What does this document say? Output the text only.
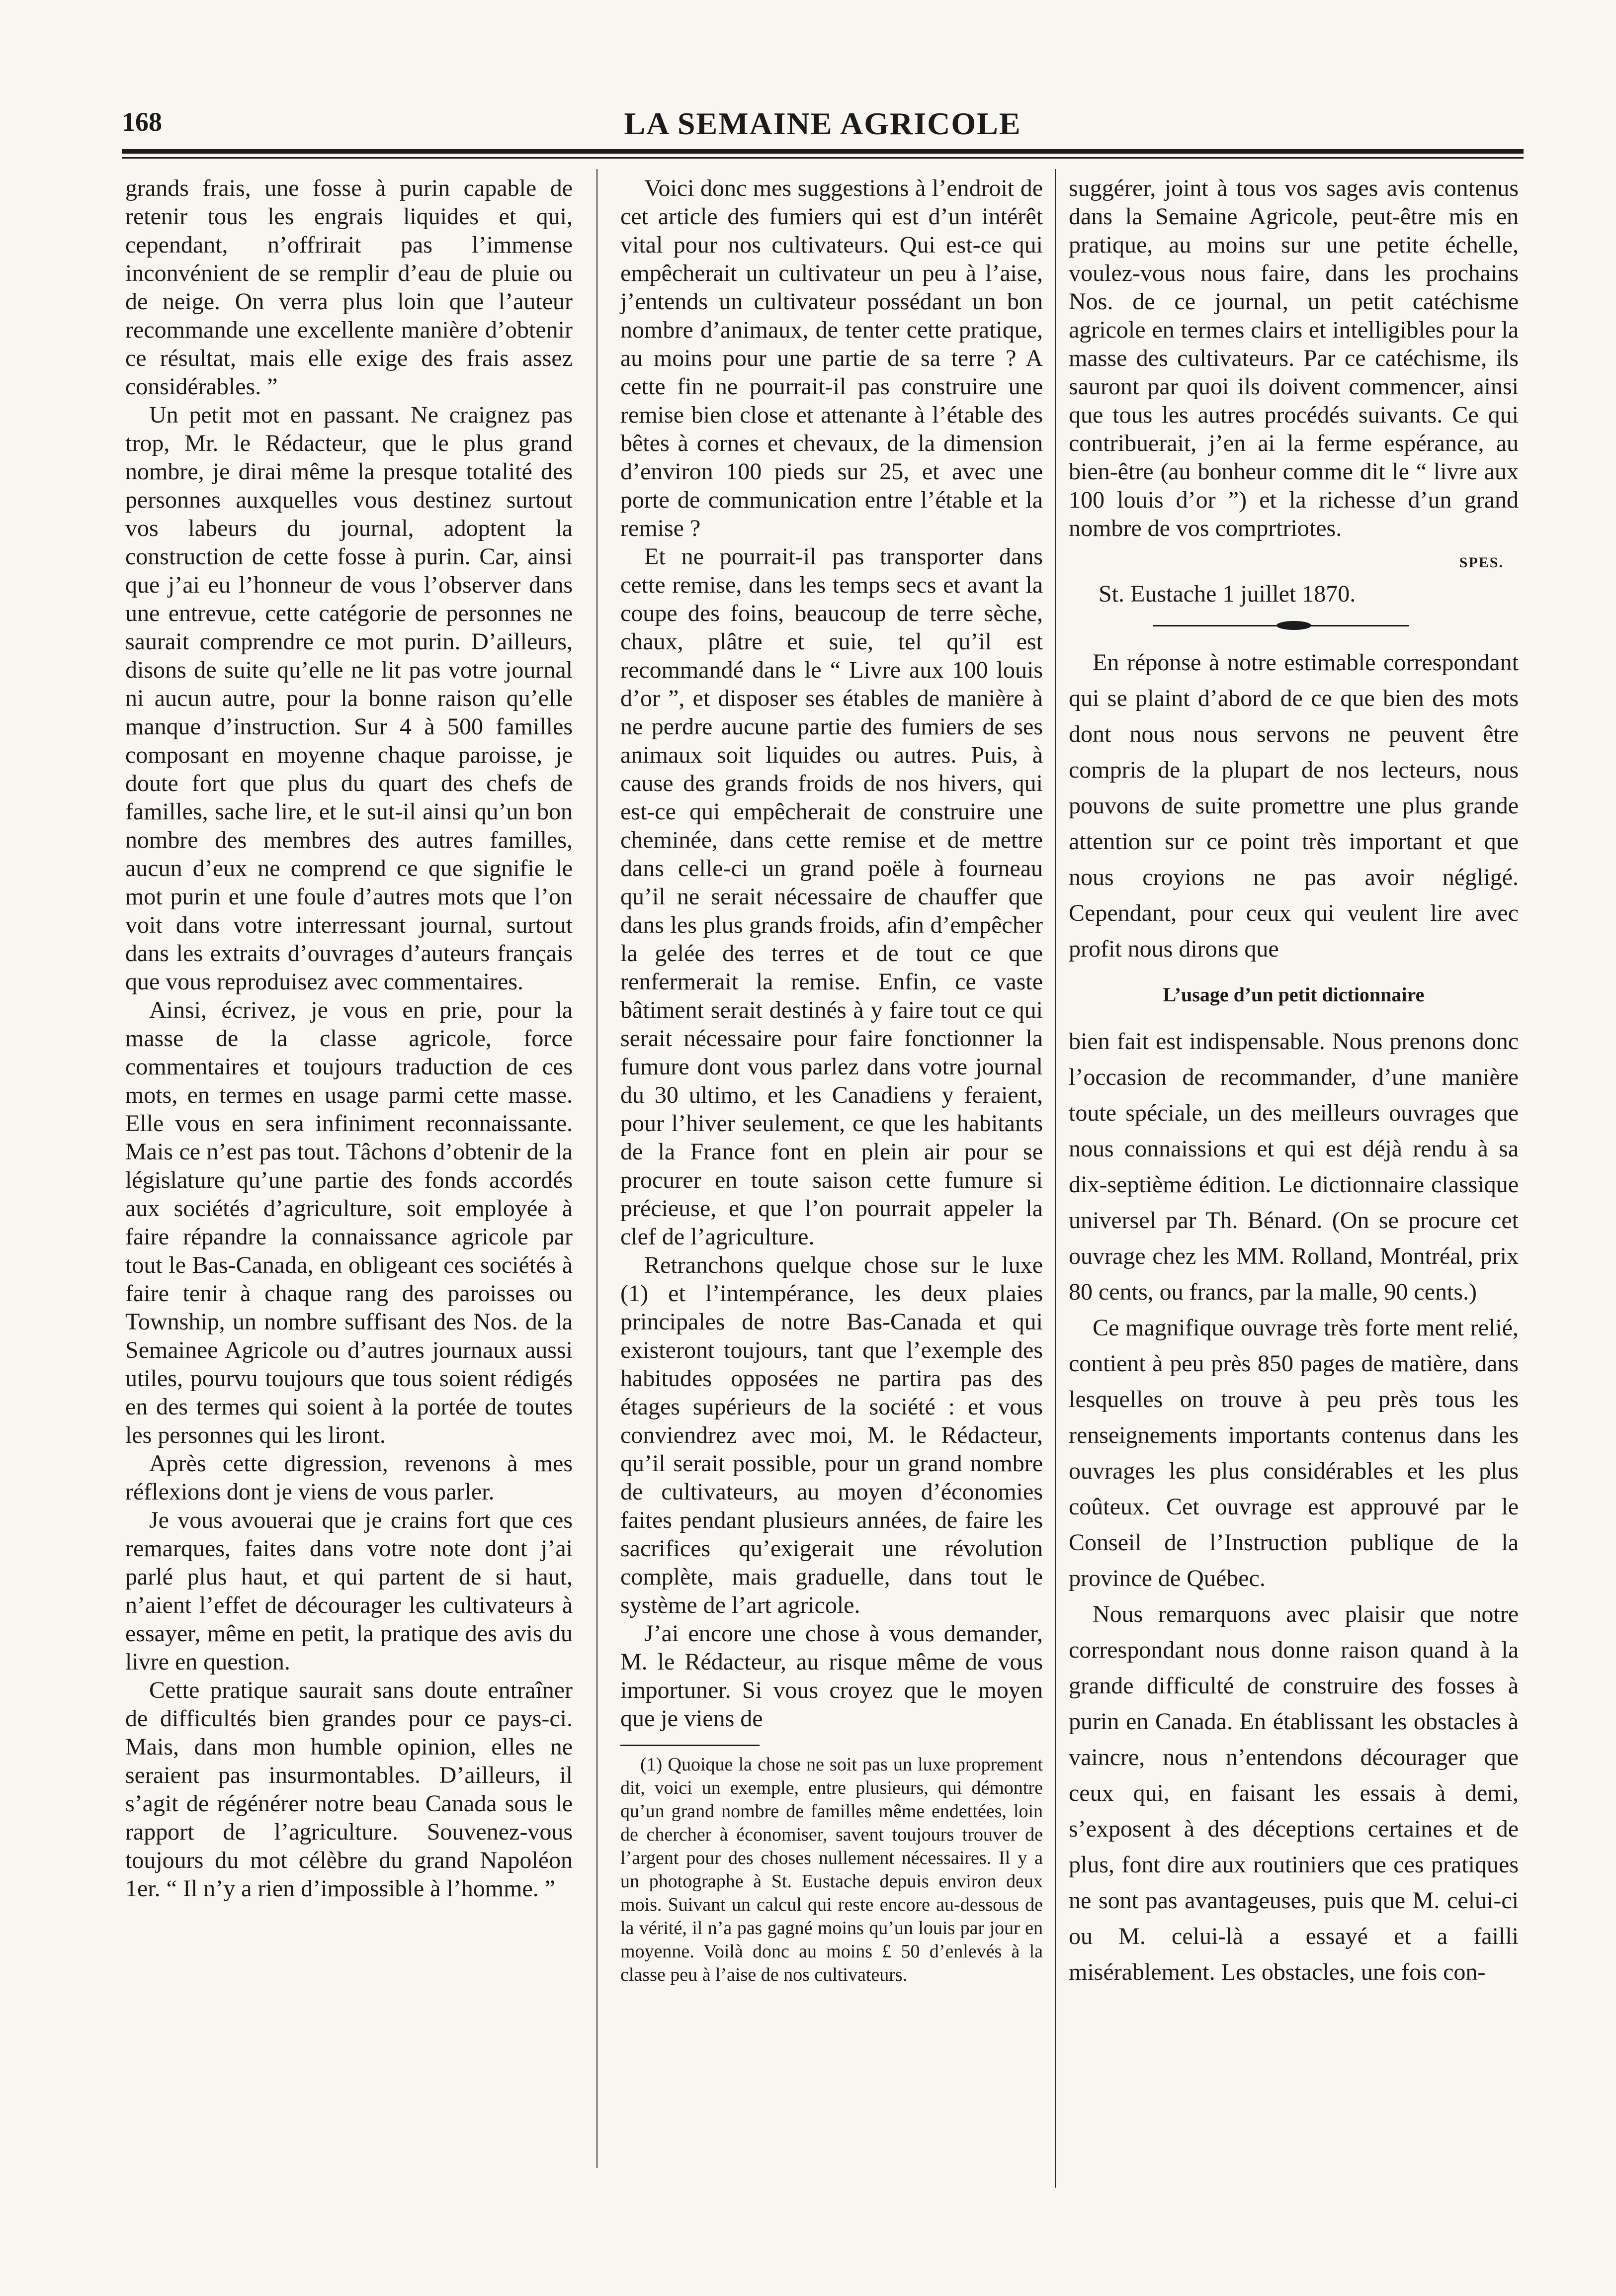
168	LA SEMAINE AGRICOLE

grands frais, une fosse à purin capable de retenir tous les engrais liquides et qui, cependant, n’offrirait pas l’immense inconvénient de se remplir d’eau de pluie ou de neige. On verra plus loin que l’auteur recommande une excellente manière d’obtenir ce résultat, mais elle exige des frais assez considérables. ”

Un petit mot en passant. Ne craignez pas trop, Mr. le Rédacteur, que le plus grand nombre, je dirai même la presque totalité des personnes auxquelles vous destinez surtout vos labeurs du journal, adoptent la construction de cette fosse à purin. Car, ainsi que j’ai eu l’honneur de vous l’observer dans une entrevue, cette catégorie de personnes ne saurait comprendre ce mot purin. D’ailleurs, disons de suite qu’elle ne lit pas votre journal ni aucun autre, pour la bonne raison qu’elle manque d’instruction. Sur 4 à 500 familles composant en moyenne chaque paroisse, je doute fort que plus du quart des chefs de familles, sache lire, et le sut-il ainsi qu’un bon nombre des membres des autres familles, aucun d’eux ne comprend ce que signifie le mot purin et une foule d’autres mots que l’on voit dans votre interressant journal, surtout dans les extraits d’ouvrages d’auteurs français que vous reproduisez avec commentaires.

Ainsi, écrivez, je vous en prie, pour la masse de la classe agricole, force commentaires et toujours traduction de ces mots, en termes en usage parmi cette masse. Elle vous en sera infiniment reconnaissante. Mais ce n’est pas tout. Tâchons d’obtenir de la législature qu’une partie des fonds accordés aux sociétés d’agriculture, soit employée à faire répandre la connaissance agricole par tout le Bas-Canada, en obligeant ces sociétés à faire tenir à chaque rang des paroisses ou Township, un nombre suffisant des Nos. de la Semainee Agricole ou d’autres journaux aussi utiles, pourvu toujours que tous soient rédigés en des termes qui soient à la portée de toutes les personnes qui les liront.

Après cette digression, revenons à mes réflexions dont je viens de vous parler.

Je vous avouerai que je crains fort que ces remarques, faites dans votre note dont j’ai parlé plus haut, et qui partent de si haut, n’aient l’effet de décourager les cultivateurs à essayer, même en petit, la pratique des avis du livre en question.

Cette pratique saurait sans doute entraîner de difficultés bien grandes pour ce pays-ci. Mais, dans mon humble opinion, elles ne seraient pas insurmontables. D’ailleurs, il s’agit de régénérer notre beau Canada sous le rapport de l’agriculture. Souvenez-vous toujours du mot célèbre du grand Napoléon 1er. “ Il n’y a rien d’impossible à l’homme. ”

Voici donc mes suggestions à l’endroit de cet article des fumiers qui est d’un intérêt vital pour nos cultivateurs. Qui est-ce qui empêcherait un cultivateur un peu à l’aise, j’entends un cultivateur possédant un bon nombre d’animaux, de tenter cette pratique, au moins pour une partie de sa terre ? A cette fin ne pourrait-il pas construire une remise bien close et attenante à l’étable des bêtes à cornes et chevaux, de la dimension d’environ 100 pieds sur 25, et avec une porte de communication entre l’étable et la remise ?

Et ne pourrait-il pas transporter dans cette remise, dans les temps secs et avant la coupe des foins, beaucoup de terre sèche, chaux, plâtre et suie, tel qu’il est recommandé dans le “ Livre aux 100 louis d’or ”, et disposer ses étables de manière à ne perdre aucune partie des fumiers de ses animaux soit liquides ou autres. Puis, à cause des grands froids de nos hivers, qui est-ce qui empêcherait de construire une cheminée, dans cette remise et de mettre dans celle-ci un grand poële à fourneau qu’il ne serait nécessaire de chauffer que dans les plus grands froids, afin d’empêcher la gelée des terres et de tout ce que renfermerait la remise. Enfin, ce vaste bâtiment serait destinés à y faire tout ce qui serait nécessaire pour faire fonctionner la fumure dont vous parlez dans votre journal du 30 ultimo, et les Canadiens y feraient, pour l’hiver seulement, ce que les habitants de la France font en plein air pour se procurer en toute saison cette fumure si précieuse, et que l’on pourrait appeler la clef de l’agriculture.

Retranchons quelque chose sur le luxe (1) et l’intempérance, les deux plaies principales de notre Bas-Canada et qui existeront toujours, tant que l’exemple des habitudes opposées ne partira pas des étages supérieurs de la société : et vous conviendrez avec moi, M. le Rédacteur, qu’il serait possible, pour un grand nombre de cultivateurs, au moyen d’économies faites pendant plusieurs années, de faire les sacrifices qu’exigerait une révolution complète, mais graduelle, dans tout le système de l’art agricole.

J’ai encore une chose à vous demander, M. le Rédacteur, au risque même de vous importuner. Si vous croyez que le moyen que je viens de

(1) Quoique la chose ne soit pas un luxe proprement dit, voici un exemple, entre plusieurs, qui démontre qu’un grand nombre de familles même endettées, loin de chercher à économiser, savent toujours trouver de l’argent pour des choses nullement nécessaires. Il y a un photographe à St. Eustache depuis environ deux mois. Suivant un calcul qui reste encore au-dessous de la vérité, il n’a pas gagné moins qu’un louis par jour en moyenne. Voilà donc au moins £ 50 d’enlevés à la classe peu à l’aise de nos cultivateurs.

suggérer, joint à tous vos sages avis contenus dans la Semaine Agricole, peut-être mis en pratique, au moins sur une petite échelle, voulez-vous nous faire, dans les prochains Nos. de ce journal, un petit catéchisme agricole en termes clairs et intelligibles pour la masse des cultivateurs. Par ce catéchisme, ils sauront par quoi ils doivent commencer, ainsi que tous les autres procédés suivants. Ce qui contribuerait, j’en ai la ferme espérance, au bien-être (au bonheur comme dit le “ livre aux 100 louis d’or ”) et la richesse d’un grand nombre de vos comprtriotes.

SPES.
St. Eustache 1 juillet 1870.

En réponse à notre estimable correspondant qui se plaint d’abord de ce que bien des mots dont nous nous servons ne peuvent être compris de la plupart de nos lecteurs, nous pouvons de suite promettre une plus grande attention sur ce point très important et que nous croyions ne pas avoir négligé. Cependant, pour ceux qui veulent lire avec profit nous dirons que

L’usage d’un petit dictionnaire

bien fait est indispensable. Nous prenons donc l’occasion de recommander, d’une manière toute spéciale, un des meilleurs ouvrages que nous connaissions et qui est déjà rendu à sa dix-septième édition. Le dictionnaire classique universel par Th. Bénard. (On se procure cet ouvrage chez les MM. Rolland, Montréal, prix 80 cents, ou francs, par la malle, 90 cents.)

Ce magnifique ouvrage très forte ment relié, contient à peu près 850 pages de matière, dans lesquelles on trouve à peu près tous les renseignements importants contenus dans les ouvrages les plus considérables et les plus coûteux. Cet ouvrage est approuvé par le Conseil de l’Instruction publique de la province de Québec.

Nous remarquons avec plaisir que notre correspondant nous donne raison quand à la grande difficulté de construire des fosses à purin en Canada. En établissant les obstacles à vaincre, nous n’entendons décourager que ceux qui, en faisant les essais à demi, s’exposent à des déceptions certaines et de plus, font dire aux routiniers que ces pratiques ne sont pas avantageuses, puis que M. celui-ci ou M. celui-là a essayé et a failli misérablement. Les obstacles, une fois con-
